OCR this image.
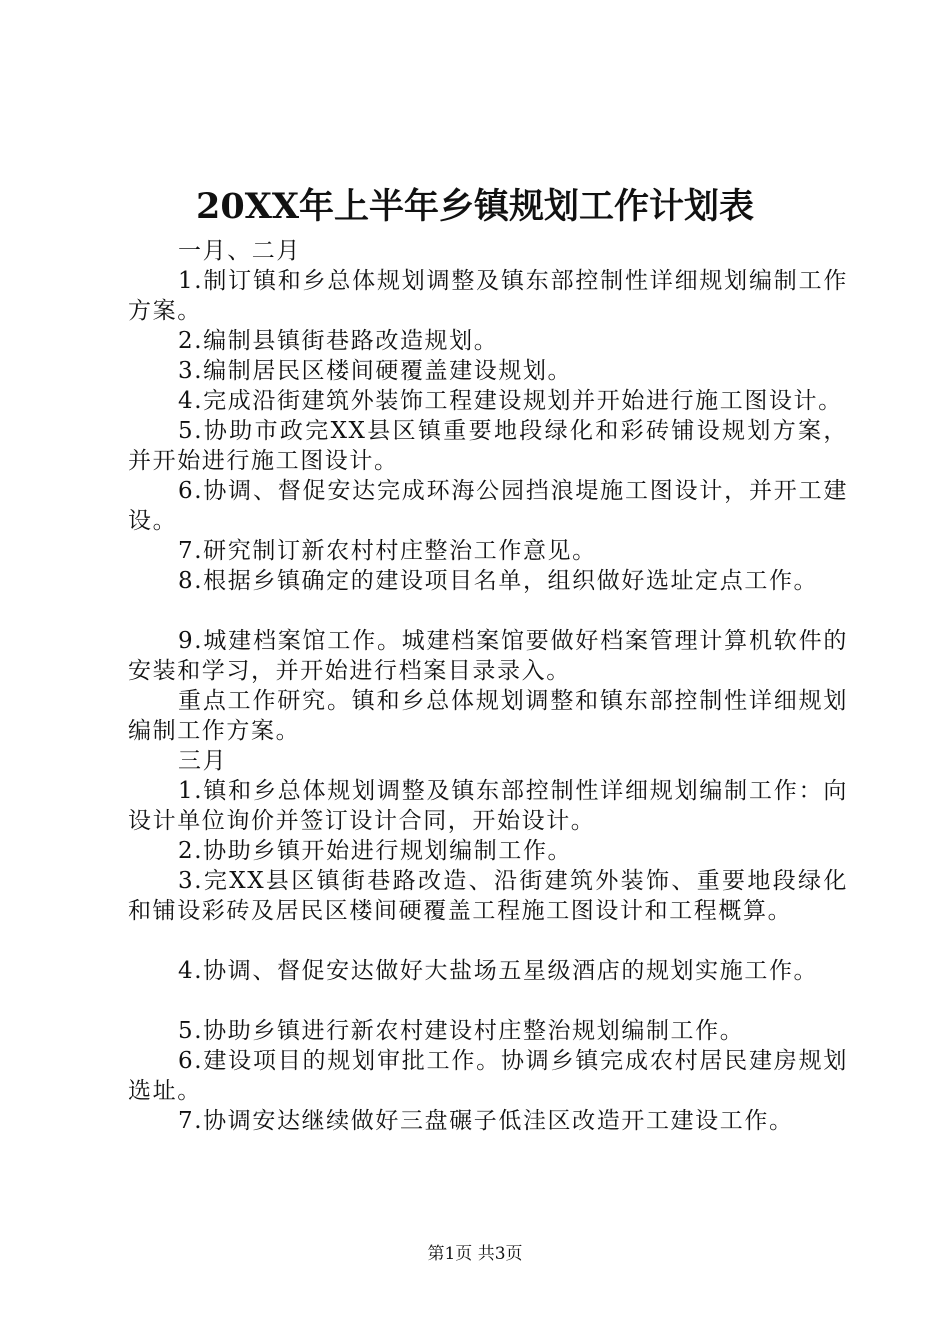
20XX年上半年乡镇规划工作计划表

一月、二月

1.制订镇和乡总体规划调整及镇东部控制性详细规划编制工作方案。

2.编制县镇街巷路改造规划。

3.编制居民区楼间硬覆盖建设规划。

4.完成沿街建筑外装饰工程建设规划并开始进行施工图设计。

5.协助市政完XX县区镇重要地段绿化和彩砖铺设规划方案，并开始进行施工图设计。

6.协调、督促安达完成环海公园挡浪堤施工图设计，并开工建设。

7.研究制订新农村村庄整治工作意见。

8.根据乡镇确定的建设项目名单，组织做好选址定点工作。

9.城建档案馆工作。城建档案馆要做好档案管理计算机软件的安装和学习，并开始进行档案目录录入。

重点工作研究。镇和乡总体规划调整和镇东部控制性详细规划编制工作方案。

三月

1.镇和乡总体规划调整及镇东部控制性详细规划编制工作：向设计单位询价并签订设计合同，开始设计。

2.协助乡镇开始进行规划编制工作。

3.完XX县区镇街巷路改造、沿街建筑外装饰、重要地段绿化和铺设彩砖及居民区楼间硬覆盖工程施工图设计和工程概算。

4.协调、督促安达做好大盐场五星级酒店的规划实施工作。

5.协助乡镇进行新农村建设村庄整治规划编制工作。

6.建设项目的规划审批工作。协调乡镇完成农村居民建房规划选址。

7.协调安达继续做好三盘碾子低洼区改造开工建设工作。

第1页 共3页
